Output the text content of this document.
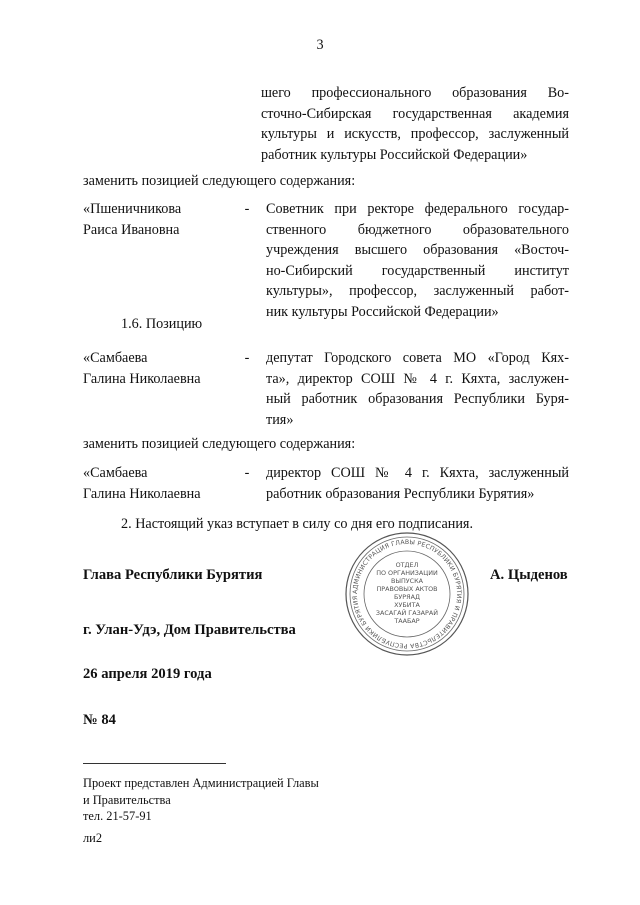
3
шего профессионального образования Во-
сточно-Сибирская государственная академия
культуры и искусств, профессор, заслуженный
работник культуры Российской Федерации»
заменить позицией следующего содержания:
«Пшеничникова
Раиса Ивановна
-	Советник при ректоре федерального государ-
ственного бюджетного образовательного
учреждения высшего образования «Восточ-
но-Сибирский государственный институт
культуры», профессор, заслуженный работ-
ник культуры Российской Федерации»
1.6. Позицию
«Самбаева
Галина Николаевна
-	депутат Городского совета МО «Город Кях-
та», директор СОШ № 4 г. Кяхта, заслужен-
ный работник образования Республики Буря-
тия»
заменить позицией следующего содержания:
«Самбаева
Галина Николаевна
-	директор СОШ № 4 г. Кяхта, заслуженный
работник образования Республики Бурятия»
2. Настоящий указ вступает в силу со дня его подписания.
АДМИНИСТРАЦИЯ ГЛАВЫ РЕСПУБЛИКИ БУРЯТИЯ И ПРАВИТЕЛЬСТВА РЕСПУБЛИКИ БУРЯТИЯ
ОТДЕЛ
ПО ОРГАНИЗАЦИИ
ВЫПУСКА
ПРАВОВЫХ АКТОВ
БУРЯАД
ХУБИТА
ЗАСАГАЙ ГАЗАРАЙ
ТААБАР
Глава Республики Бурятия	А. Цыденов
г. Улан-Удэ, Дом Правительства
26 апреля 2019 года
№ 84
Проект представлен Администрацией Главы
и Правительства
тел. 21-57-91
ли2
